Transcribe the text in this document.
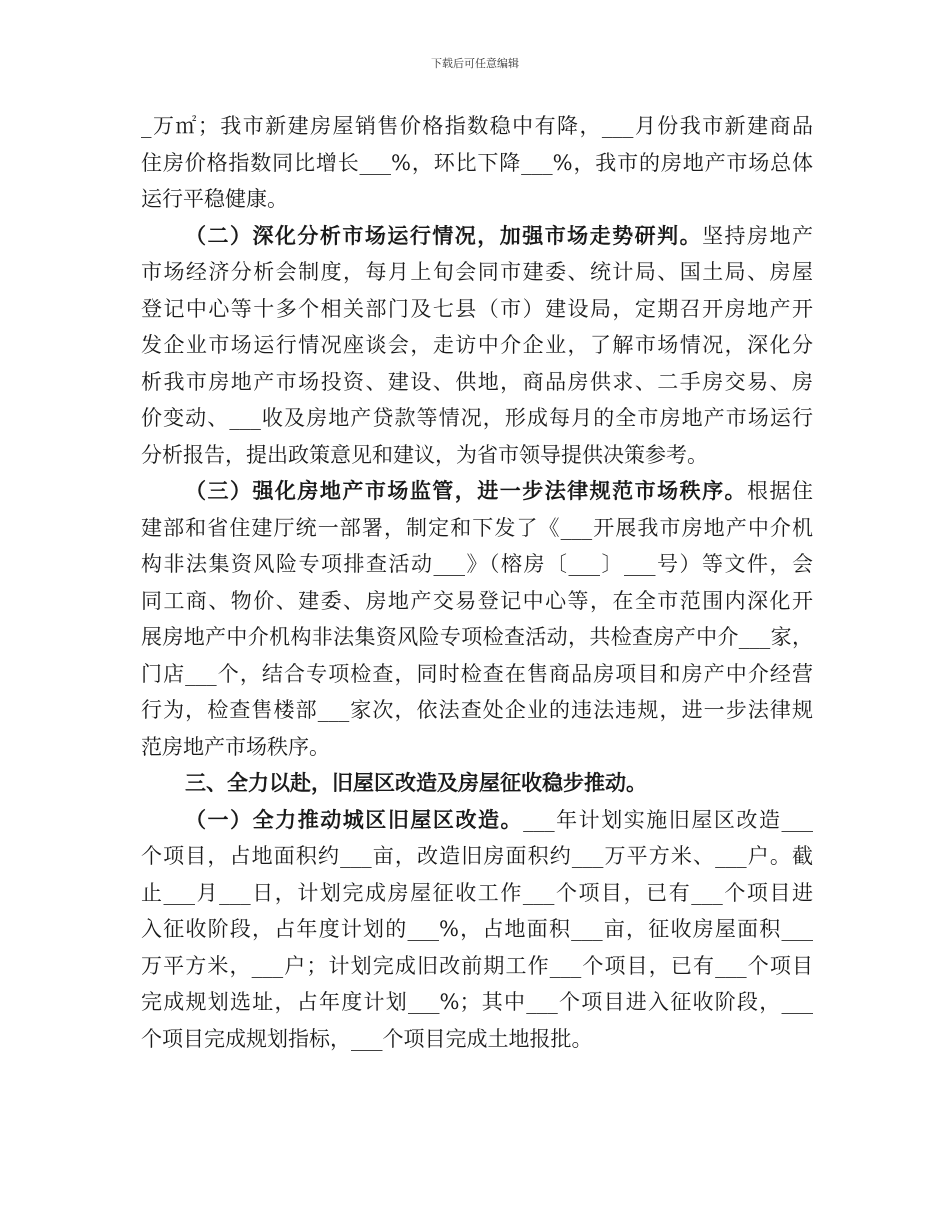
下载后可任意编辑
_万㎡；我市新建房屋销售价格指数稳中有降，___月份我市新建商品
住房价格指数同比增长___%，环比下降___%，我市的房地产市场总体
运行平稳健康。
（二）深化分析市场运行情况，加强市场走势研判。坚持房地产
市场经济分析会制度，每月上旬会同市建委、统计局、国土局、房屋
登记中心等十多个相关部门及七县（市）建设局，定期召开房地产开
发企业市场运行情况座谈会，走访中介企业，了解市场情况，深化分
析我市房地产市场投资、建设、供地，商品房供求、二手房交易、房
价变动、___收及房地产贷款等情况，形成每月的全市房地产市场运行
分析报告，提出政策意见和建议，为省市领导提供决策参考。
（三）强化房地产市场监管，进一步法律规范市场秩序。根据住
建部和省住建厅统一部署，制定和下发了《___开展我市房地产中介机
构非法集资风险专项排查活动___》（榕房〔___〕___号）等文件，会
同工商、物价、建委、房地产交易登记中心等，在全市范围内深化开
展房地产中介机构非法集资风险专项检查活动，共检查房产中介___家，
门店___个，结合专项检查，同时检查在售商品房项目和房产中介经营
行为，检查售楼部___家次，依法查处企业的违法违规，进一步法律规
范房地产市场秩序。
三、全力以赴，旧屋区改造及房屋征收稳步推动。
（一）全力推动城区旧屋区改造。___年计划实施旧屋区改造___
个项目，占地面积约___亩，改造旧房面积约___万平方米、___户。截
止___月___日，计划完成房屋征收工作___个项目，已有___个项目进
入征收阶段，占年度计划的___%，占地面积___亩，征收房屋面积___
万平方米，___户；计划完成旧改前期工作___个项目，已有___个项目
完成规划选址，占年度计划___%；其中___个项目进入征收阶段，___
个项目完成规划指标，___个项目完成土地报批。
